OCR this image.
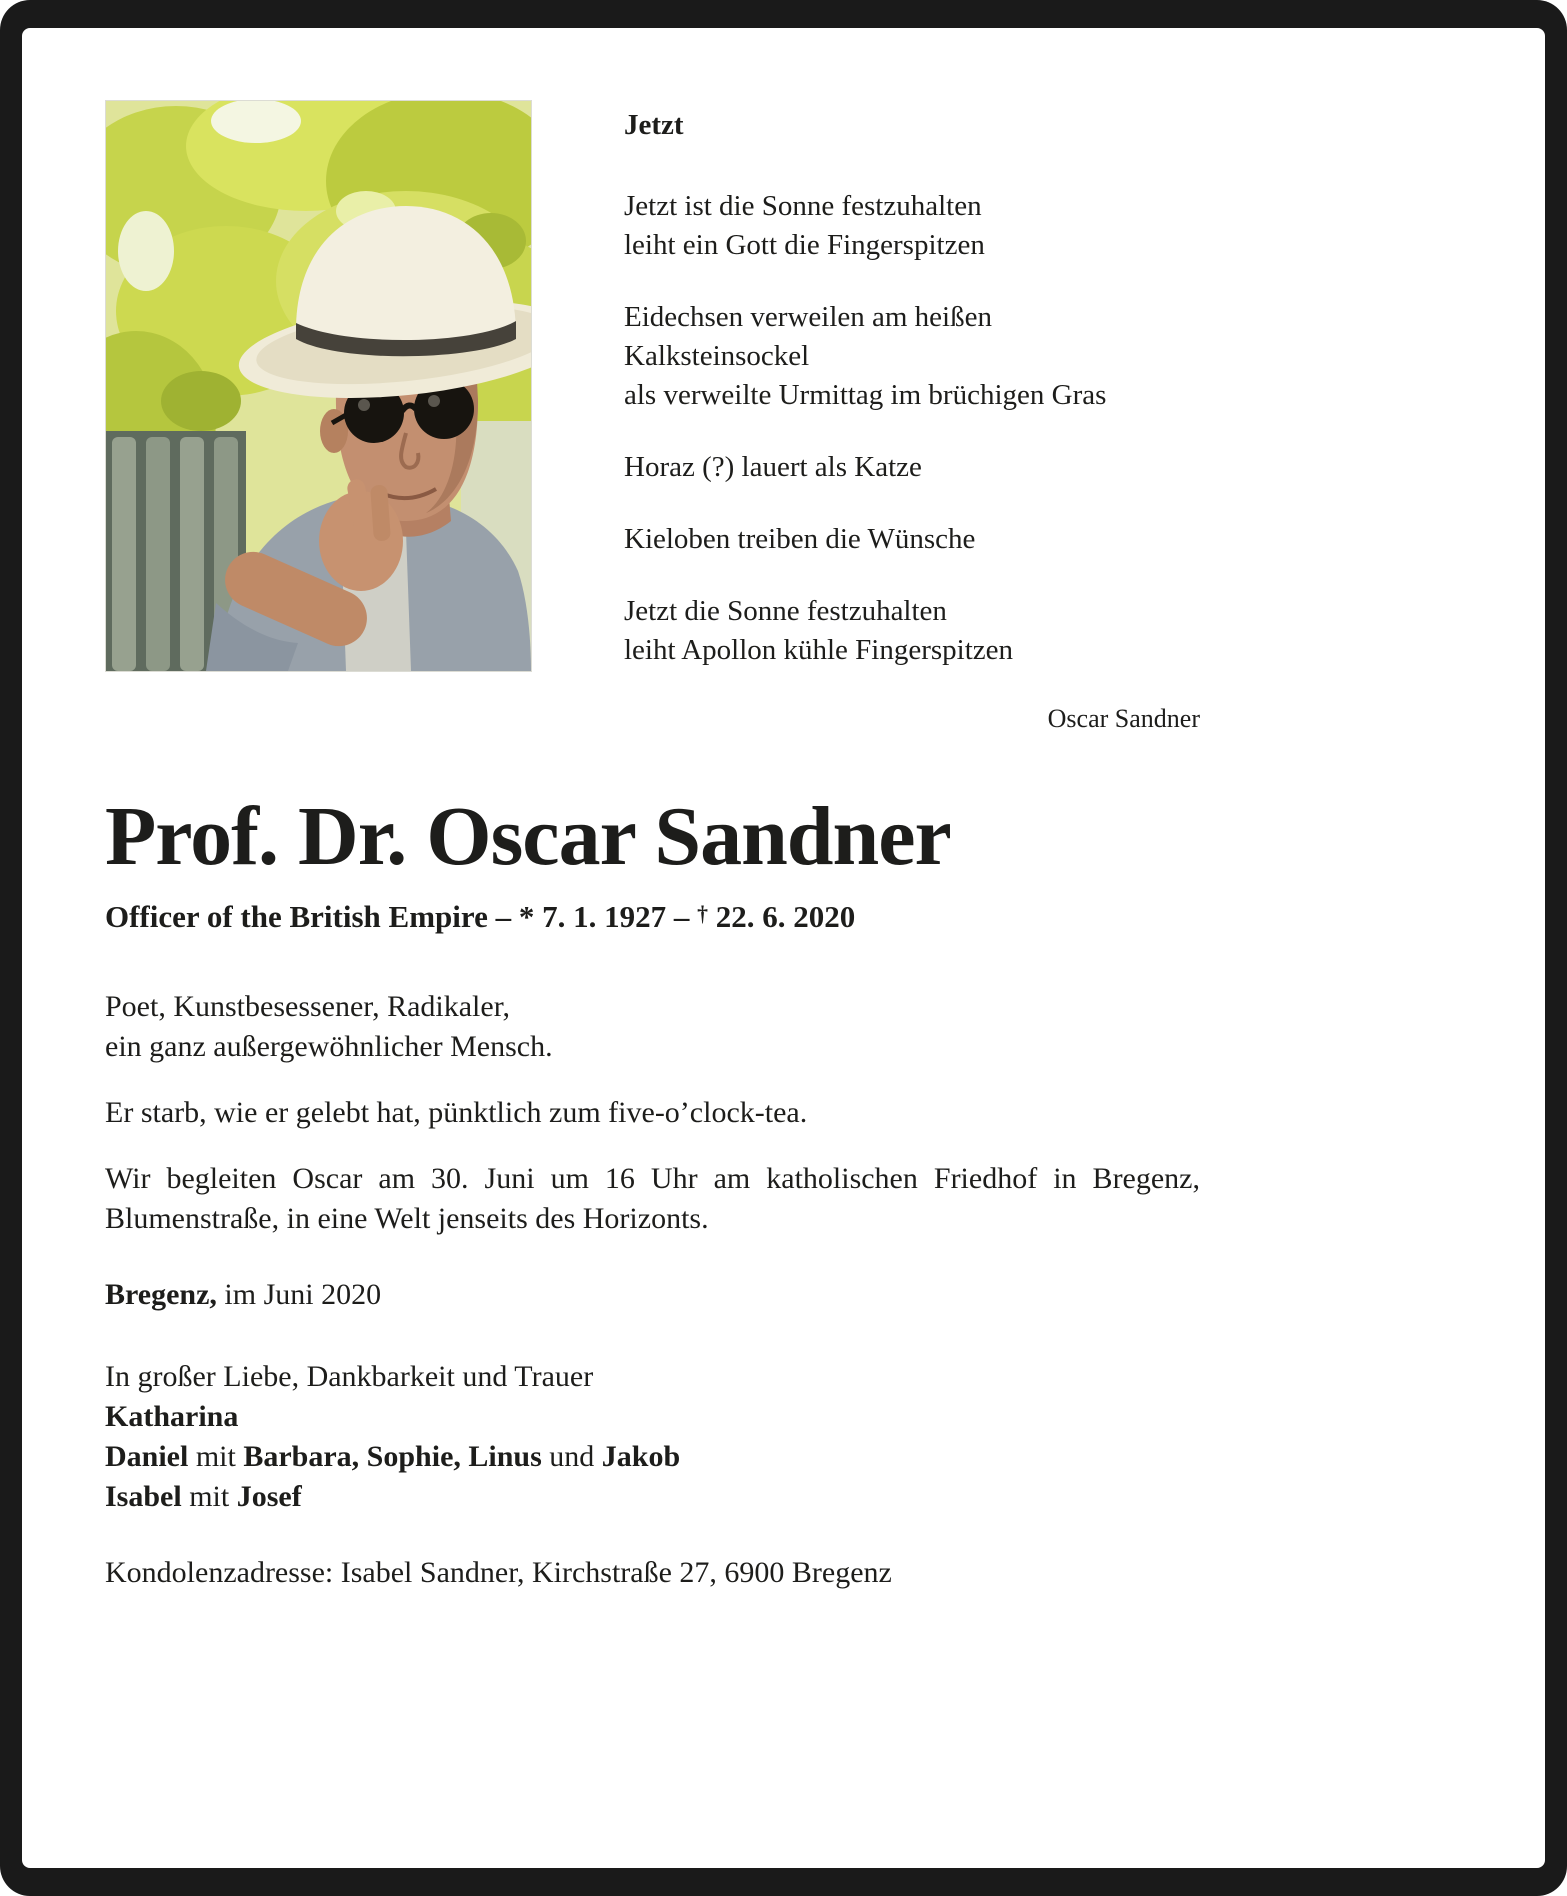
Jetzt

Jetzt ist die Sonne festzuhalten
leiht ein Gott die Fingerspitzen

Eidechsen verweilen am heißen
Kalksteinsockel
als verweilte Urmittag im brüchigen Gras

Horaz (?) lauert als Katze

Kieloben treiben die Wünsche

Jetzt die Sonne festzuhalten
leiht Apollon kühle Fingerspitzen

Oscar Sandner

Prof. Dr. Oscar Sandner

Officer of the British Empire – * 7. 1. 1927 – † 22. 6. 2020

Poet, Kunstbesessener, Radikaler,
ein ganz außergewöhnlicher Mensch.

Er starb, wie er gelebt hat, pünktlich zum five-o’clock-tea.

Wir begleiten Oscar am 30. Juni um 16 Uhr am katholischen Friedhof in Bregenz, Blumenstraße, in eine Welt jenseits des Horizonts.

Bregenz, im Juni 2020

In großer Liebe, Dankbarkeit und Trauer

Katharina

Daniel mit Barbara, Sophie, Linus und Jakob

Isabel mit Josef

Kondolenzadresse: Isabel Sandner, Kirchstraße 27, 6900 Bregenz
